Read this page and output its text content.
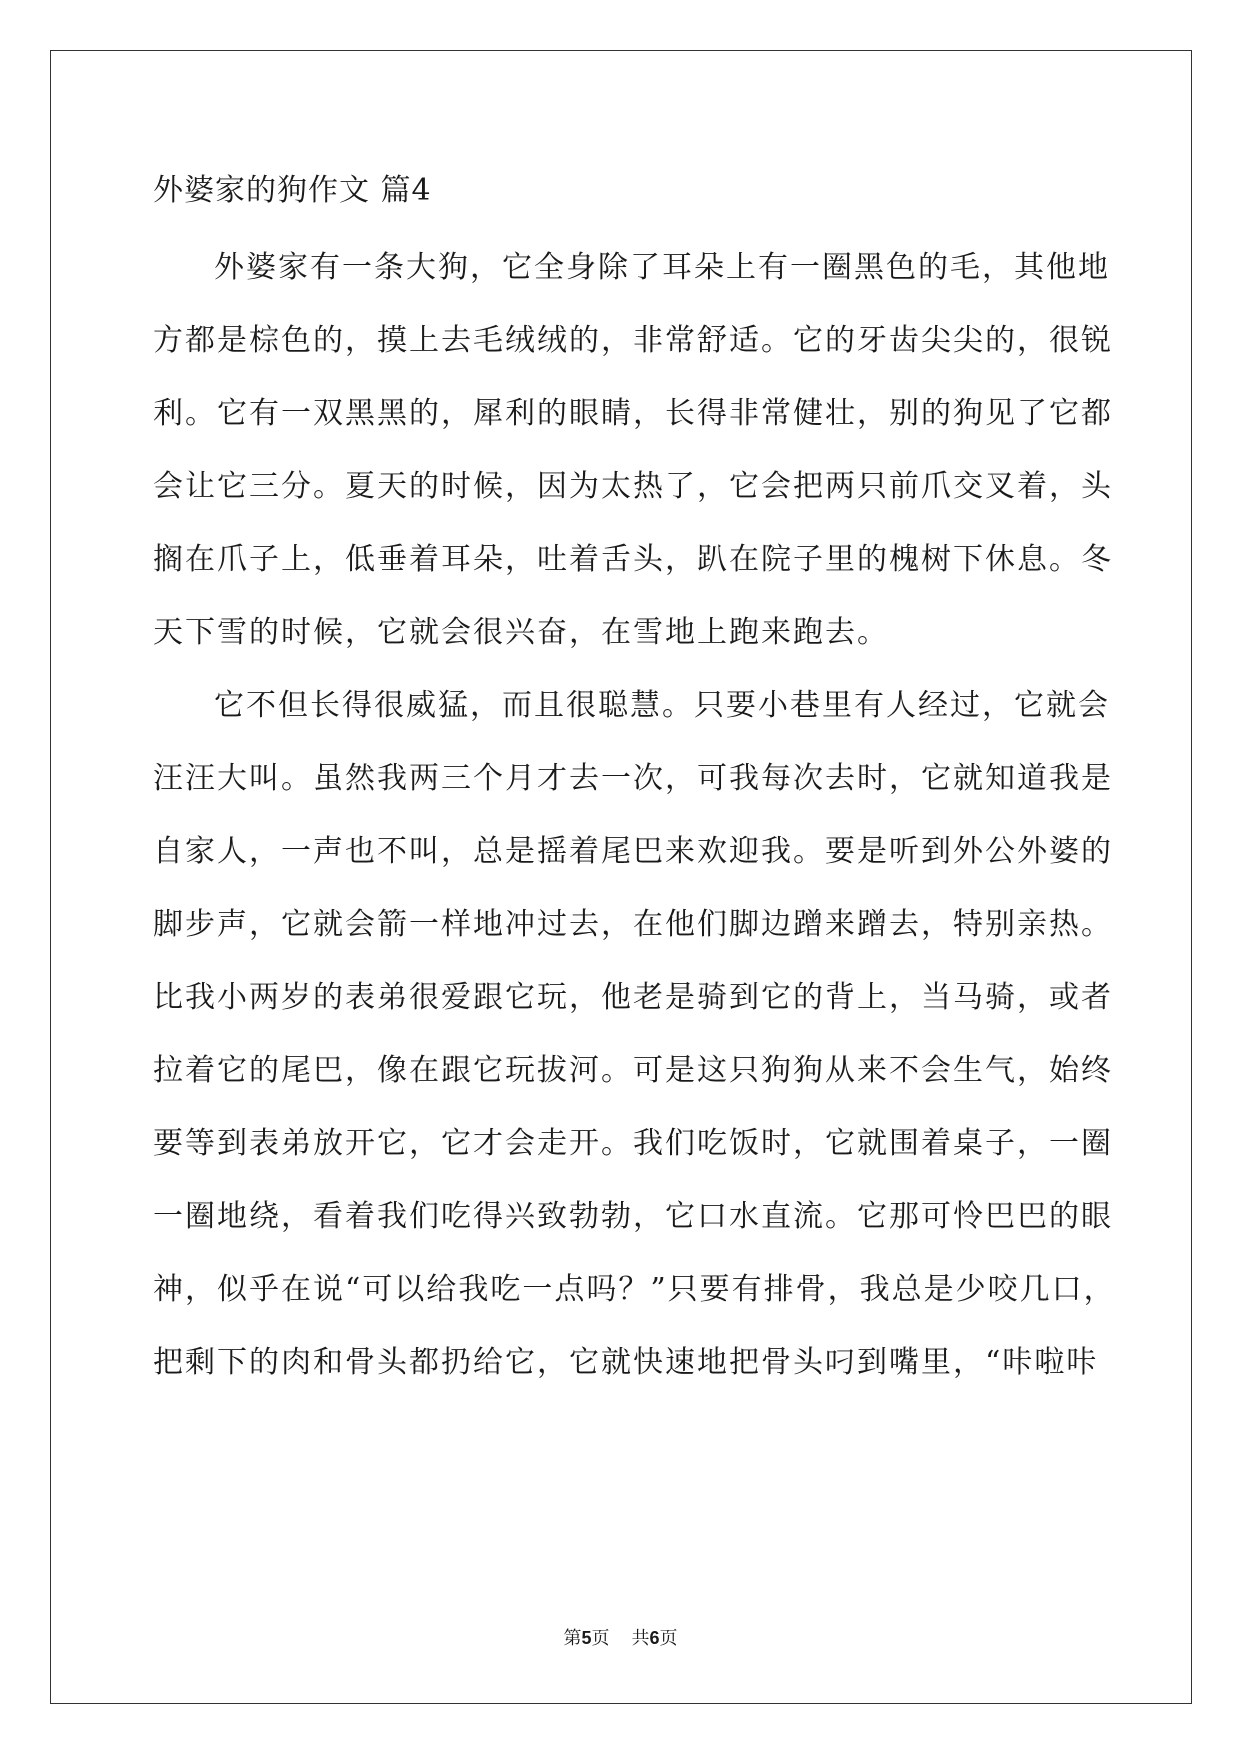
外婆家的狗作文 篇4
外婆家有一条大狗，它全身除了耳朵上有一圈黑色的毛，其他地
方都是棕色的，摸上去毛绒绒的，非常舒适。它的牙齿尖尖的，很锐
利。它有一双黑黑的，犀利的眼睛，长得非常健壮，别的狗见了它都
会让它三分。夏天的时候，因为太热了，它会把两只前爪交叉着，头
搁在爪子上，低垂着耳朵，吐着舌头，趴在院子里的槐树下休息。冬
天下雪的时候，它就会很兴奋，在雪地上跑来跑去。
它不但长得很威猛，而且很聪慧。只要小巷里有人经过，它就会
汪汪大叫。虽然我两三个月才去一次，可我每次去时，它就知道我是
自家人，一声也不叫，总是摇着尾巴来欢迎我。要是听到外公外婆的
脚步声，它就会箭一样地冲过去，在他们脚边蹭来蹭去，特别亲热。
比我小两岁的表弟很爱跟它玩，他老是骑到它的背上，当马骑，或者
拉着它的尾巴，像在跟它玩拔河。可是这只狗狗从来不会生气，始终
要等到表弟放开它，它才会走开。我们吃饭时，它就围着桌子，一圈
一圈地绕，看着我们吃得兴致勃勃，它口水直流。它那可怜巴巴的眼
神，似乎在说“可以给我吃一点吗？”只要有排骨，我总是少咬几口，
把剩下的肉和骨头都扔给它，它就快速地把骨头叼到嘴里，“咔啦咔
第5页 共6页
